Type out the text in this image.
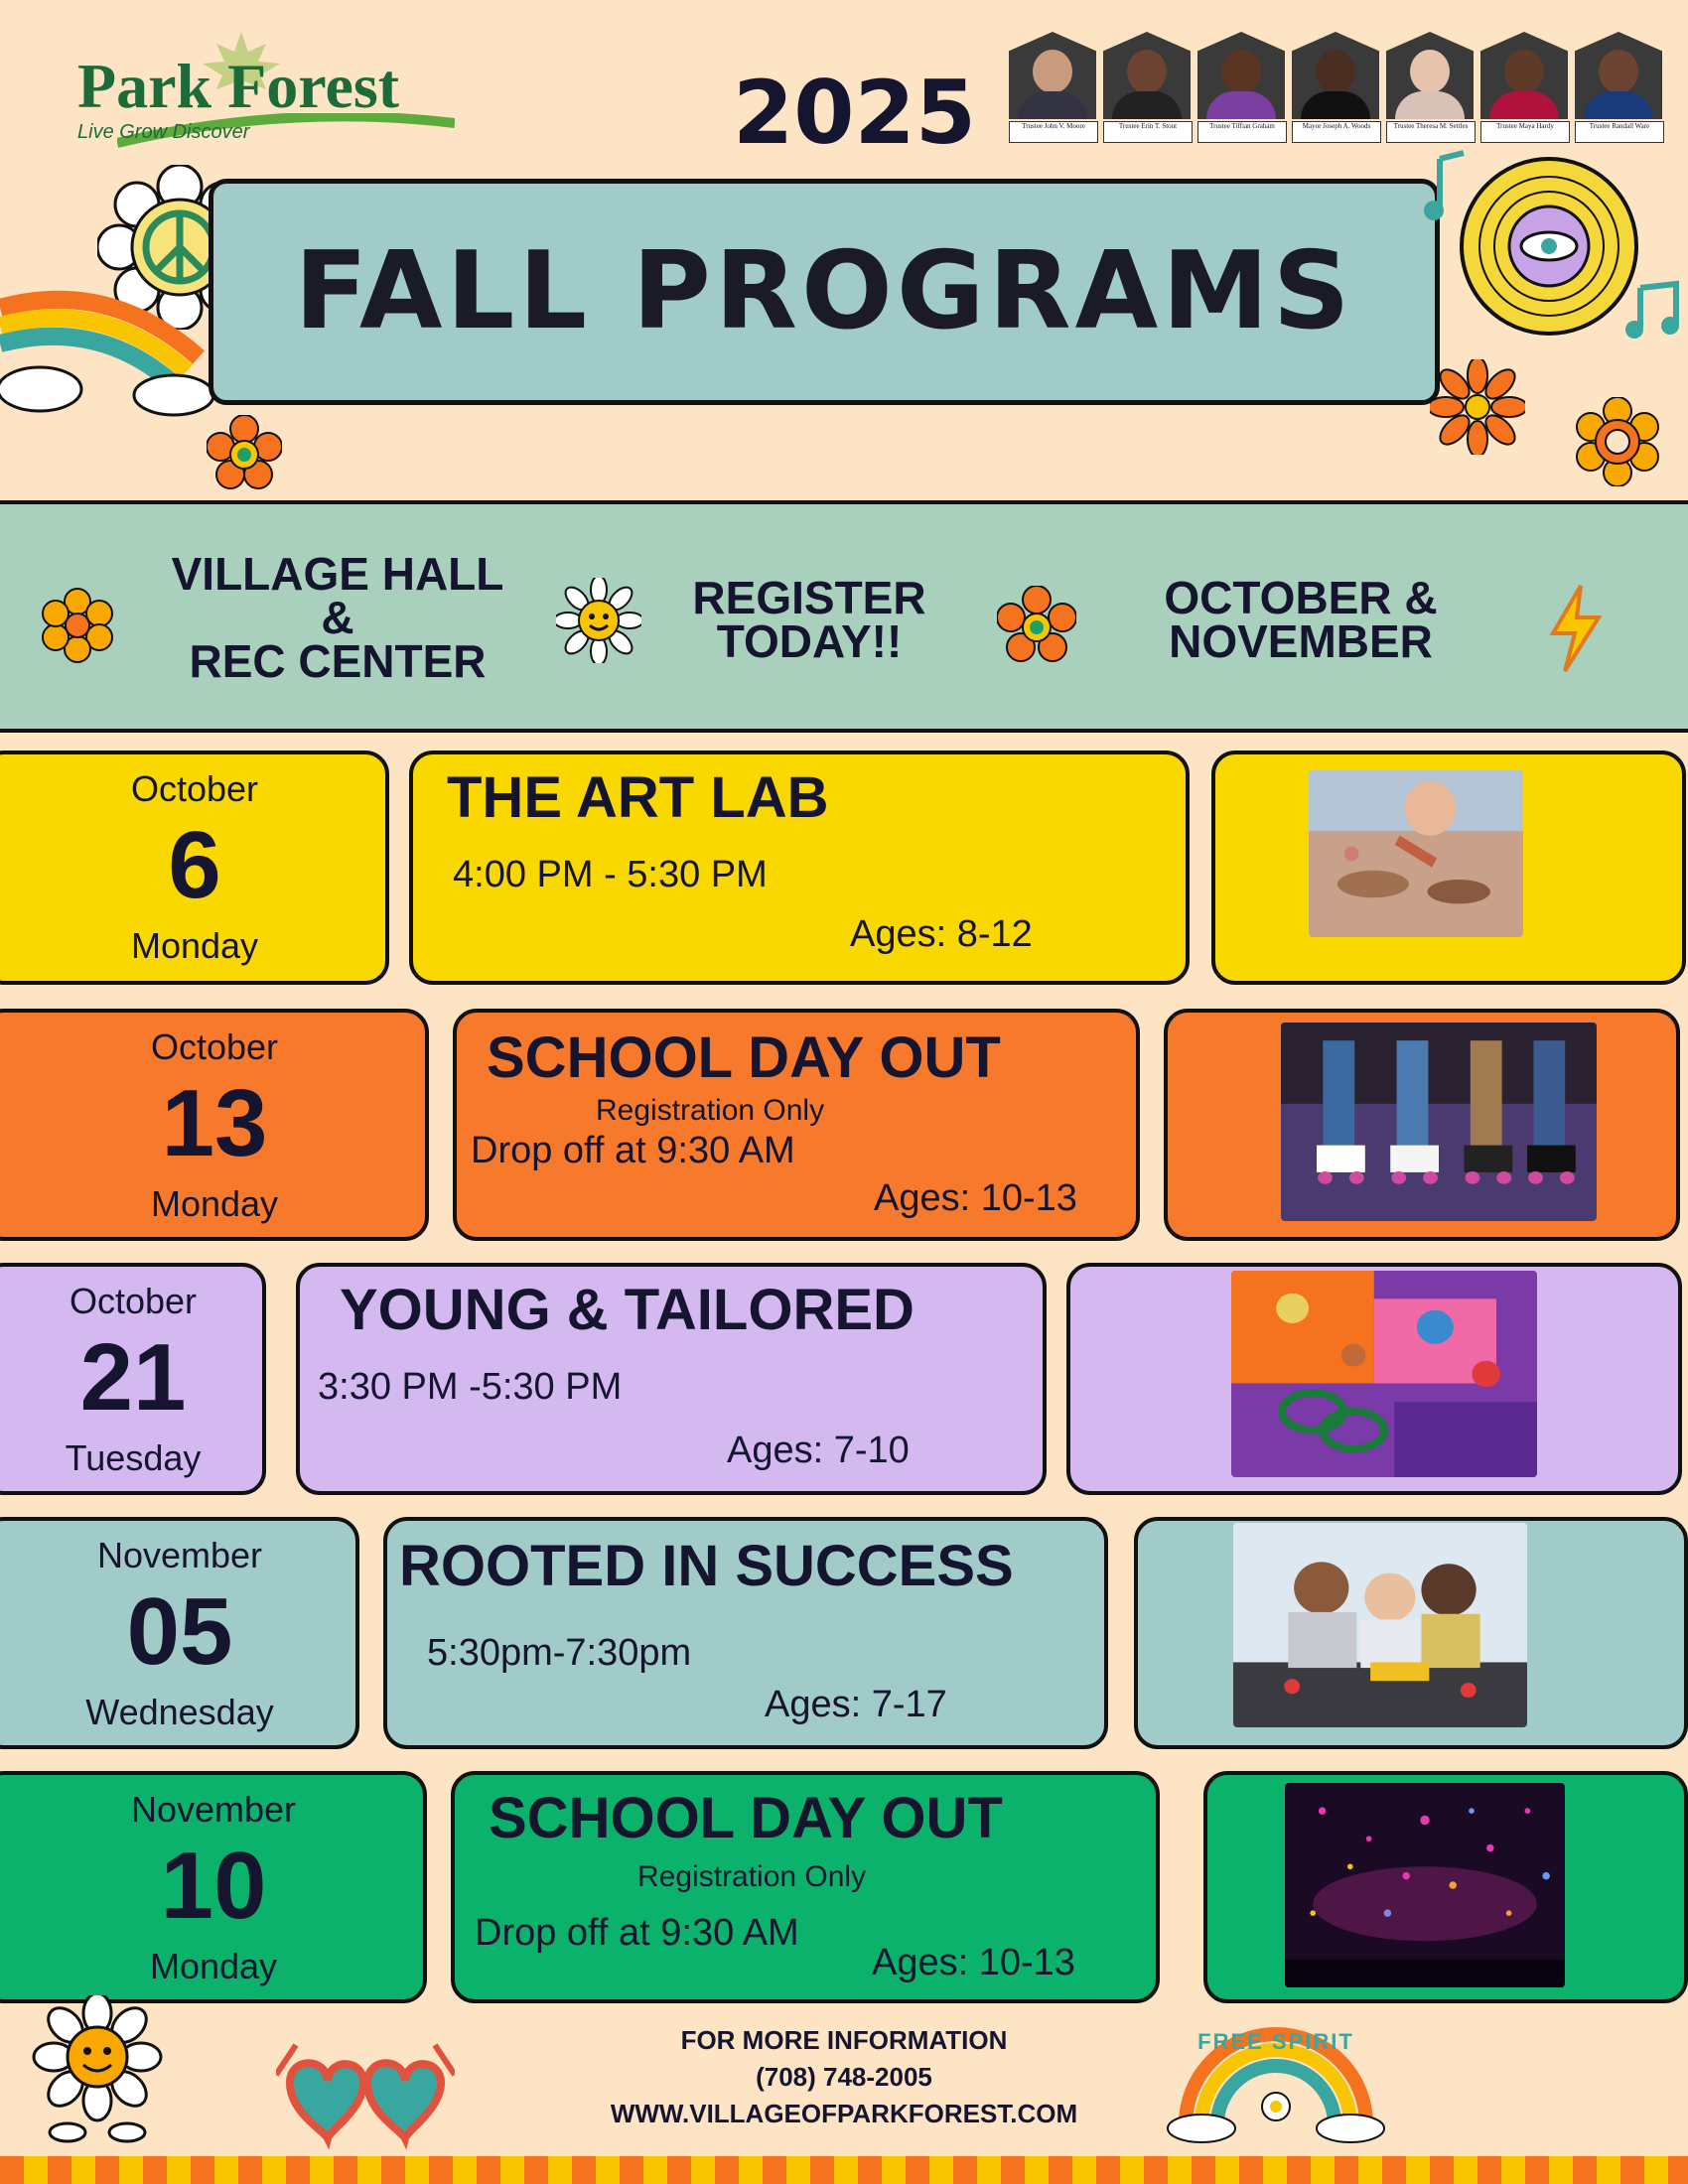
Park Forest
Live Grow Discover	2025	Trustee John V. Moore	Trustee Erin T. Stout	Trustee Tiffian Graham	Mayor Joseph A. Woods	Trustee Theresa M. Settles	Trustee Maya Hardy	Trustee Randall Ware
FALL PROGRAMS
VILLAGE HALL
&
REC CENTER
REGISTER
TODAY!!
OCTOBER &
NOVEMBER
October
6
Monday
THE ART LAB
4:00 PM - 5:30 PM
Ages: 8-12
October
13
Monday
SCHOOL DAY OUT
Registration Only
Drop off at 9:30 AM
Ages: 10-13
October
21
Tuesday
YOUNG & TAILORED
3:30 PM -5:30 PM
Ages: 7-10
November
05
Wednesday
ROOTED IN SUCCESS
5:30pm-7:30pm
Ages: 7-17
November
10
Monday
SCHOOL DAY OUT
Registration Only
Drop off at 9:30 AM
Ages: 10-13
FOR MORE INFORMATION
(708) 748-2005
WWW.VILLAGEOFPARKFOREST.COM
FREE SPIRIT
